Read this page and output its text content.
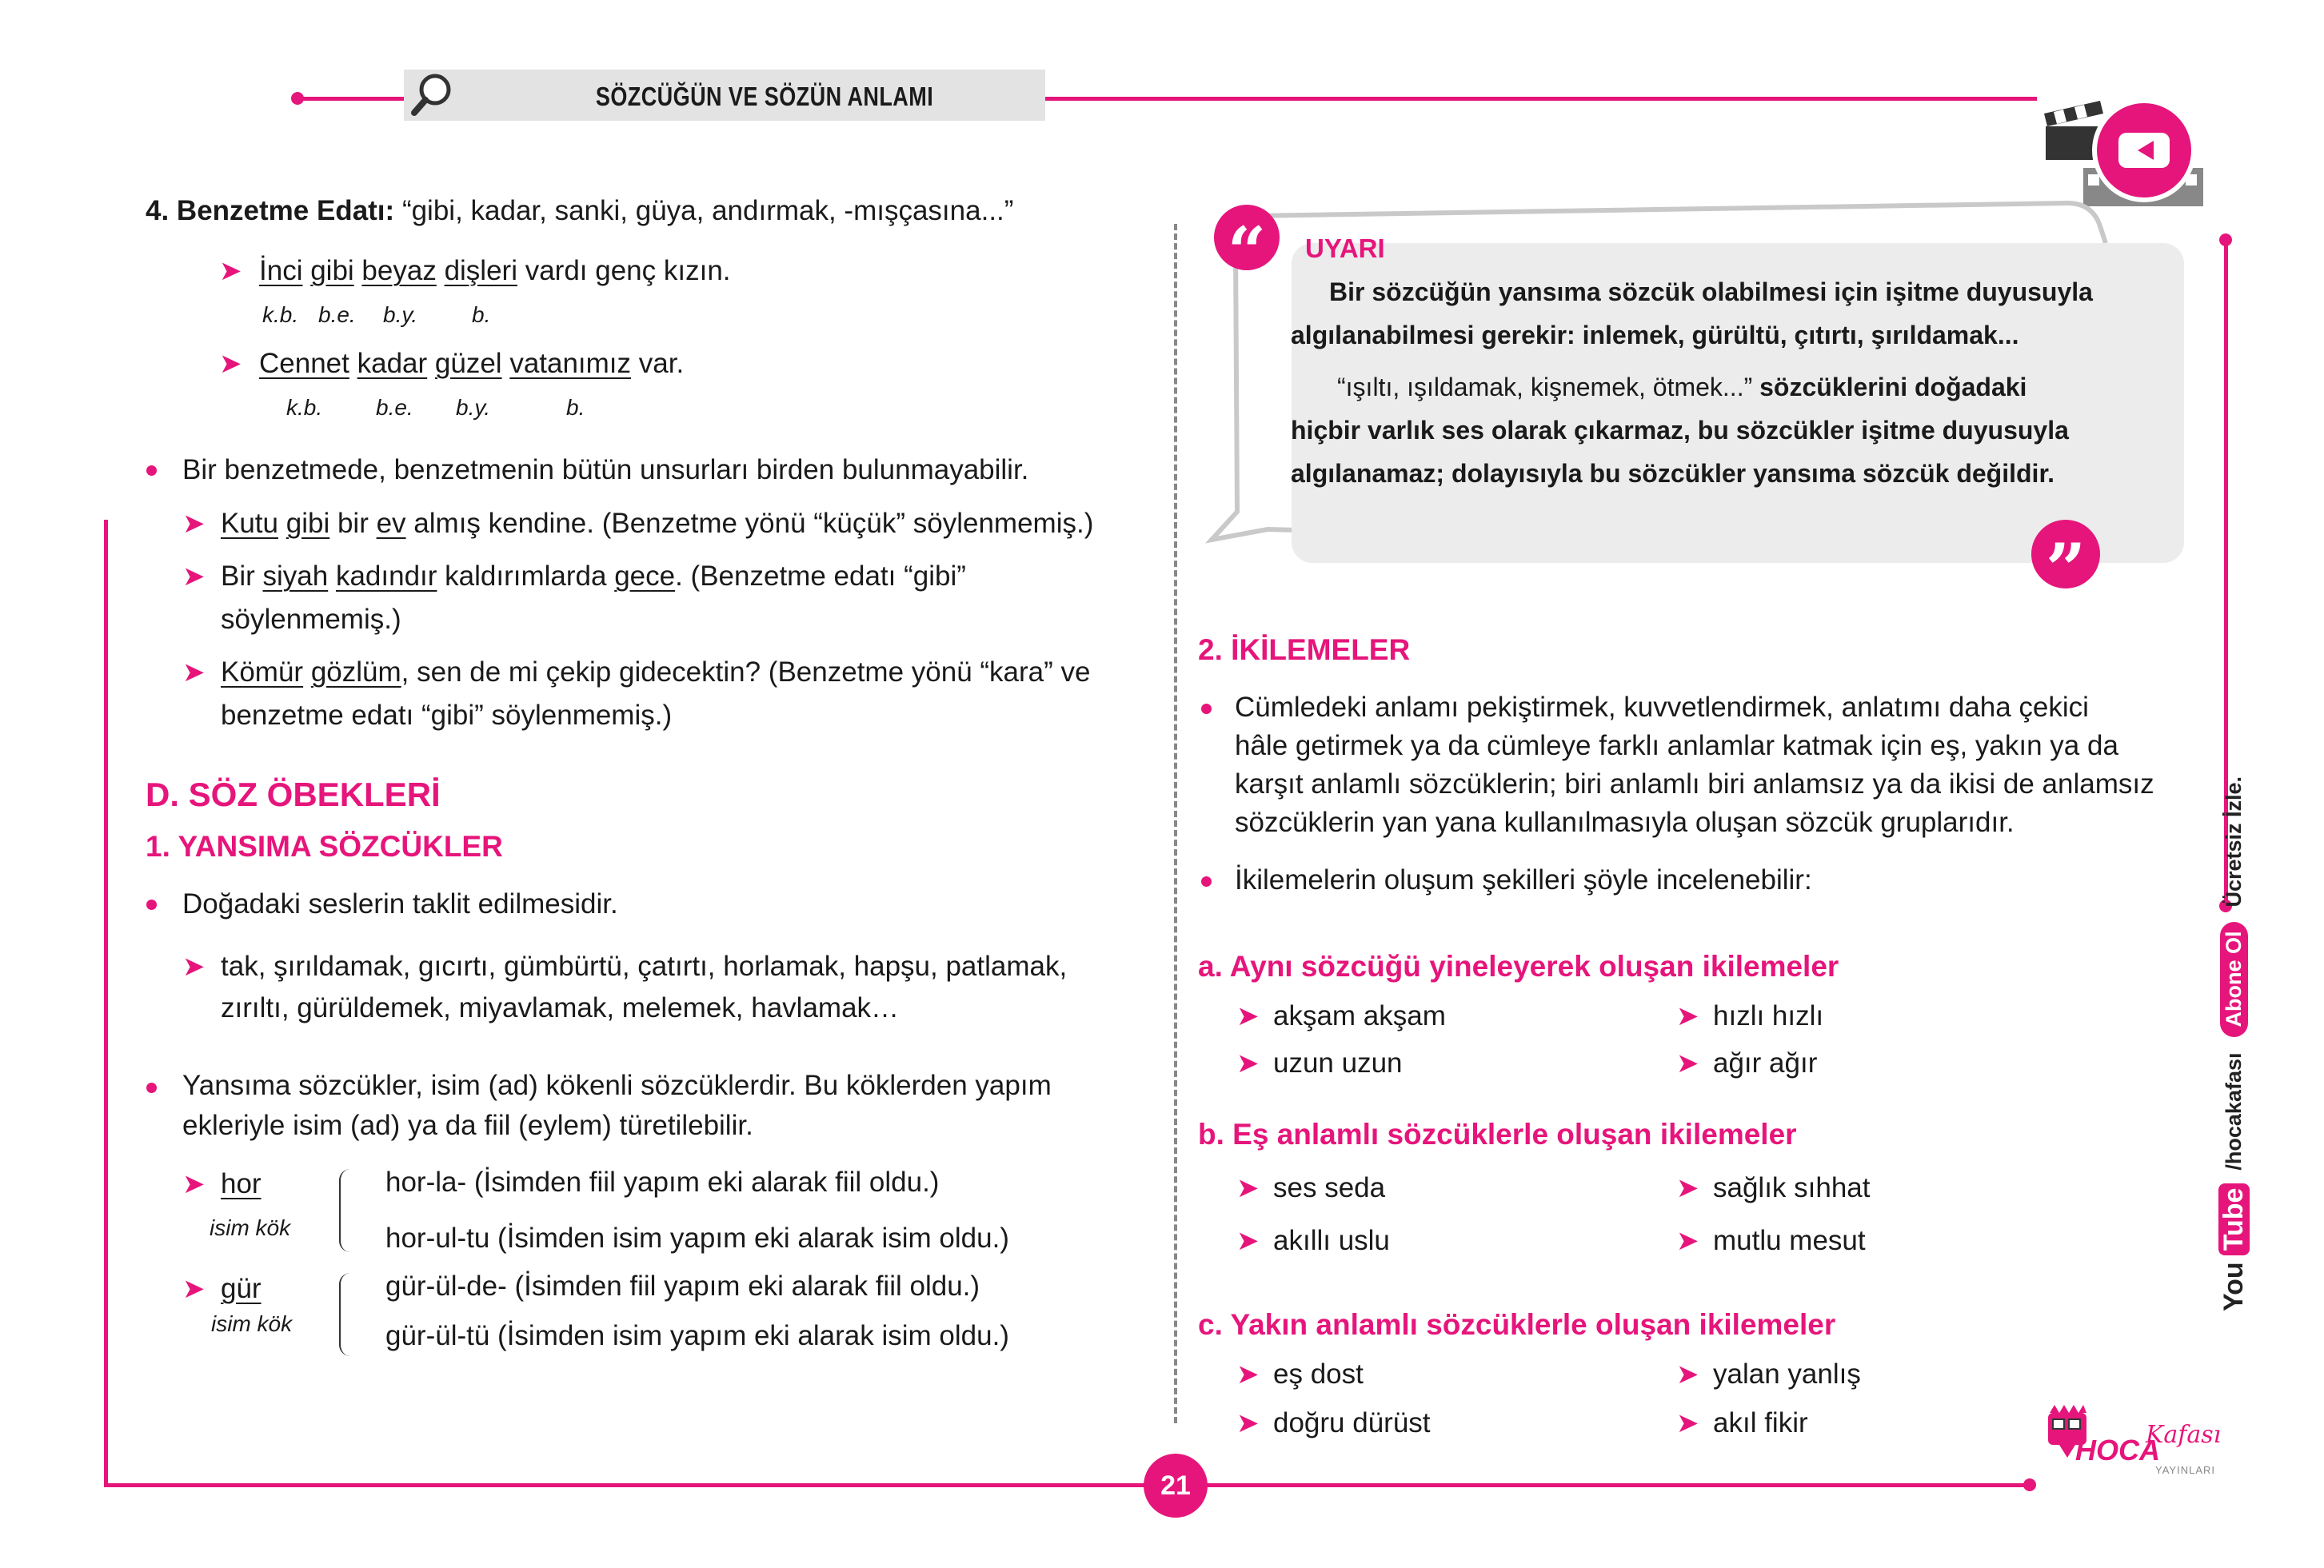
SÖZCÜĞÜN VE SÖZÜN ANLAMI
You
Tube
/hocakafası
Abone Ol
Ücretsiz İzle.
4. Benzetme Edatı: “gibi, kadar, sanki, güya, andırmak, -mışçasına...”
➤ İnci gibi beyaz dişleri vardı genç kızın.
k.b. b.e. b.y. b.
➤ Cennet kadar güzel vatanımız var.
k.b. b.e. b.y.	b.
Bir benzetmede, benzetmenin bütün unsurları birden bulunmayabilir.
➤ Kutu gibi bir ev almış kendine. (Benzetme yönü “küçük” söylenmemiş.)
➤ Bir siyah kadındır kaldırımlarda gece. (Benzetme edatı “gibi”
söylenmemiş.)
➤ Kömür gözlüm, sen de mi çekip gidecektin? (Benzetme yönü “kara” ve
benzetme edatı “gibi” söylenmemiş.)
D. SÖZ ÖBEKLERİ
1. YANSIMA SÖZCÜKLER
Doğadaki seslerin taklit edilmesidir.
➤ tak, şırıldamak, gıcırtı, gümbürtü, çatırtı, horlamak, hapşu, patlamak,
zırıltı, gürüldemek, miyavlamak, melemek, havlamak…
Yansıma sözcükler, isim (ad) kökenli sözcüklerdir. Bu köklerden yapım
ekleriyle isim (ad) ya da fiil (eylem) türetilebilir.
➤ hor
isim kök
hor-la- (İsimden fiil yapım eki alarak fiil oldu.)
hor-ul-tu (İsimden isim yapım eki alarak isim oldu.)
➤ gür
isim kök
gür-ül-de- (İsimden fiil yapım eki alarak fiil oldu.)
gür-ül-tü (İsimden isim yapım eki alarak isim oldu.)
21
“
”
UYARI
Bir sözcüğün yansıma sözcük olabilmesi için işitme duyusuyla
algılanabilmesi gerekir: inlemek, gürültü, çıtırtı, şırıldamak...
“ışıltı, ışıldamak, kişnemek, ötmek...” sözcüklerini doğadaki
hiçbir varlık ses olarak çıkarmaz, bu sözcükler işitme duyusuyla
algılanamaz; dolayısıyla bu sözcükler yansıma sözcük değildir.
2. İKİLEMELER
Cümledeki anlamı pekiştirmek, kuvvetlendirmek, anlatımı daha çekici
hâle getirmek ya da cümleye farklı anlamlar katmak için eş, yakın ya da
karşıt anlamlı sözcüklerin; biri anlamlı biri anlamsız ya da ikisi de anlamsız
sözcüklerin yan yana kullanılmasıyla oluşan sözcük gruplarıdır.
İkilemelerin oluşum şekilleri şöyle incelenebilir:
a. Aynı sözcüğü yineleyerek oluşan ikilemeler
➤ akşam akşam	➤ hızlı hızlı
➤ uzun uzun	➤ ağır ağır
b. Eş anlamlı sözcüklerle oluşan ikilemeler
➤ ses seda	➤ sağlık sıhhat
➤ akıllı uslu	➤ mutlu mesut
c. Yakın anlamlı sözcüklerle oluşan ikilemeler
➤ eş dost	➤ yalan yanlış
➤ doğru dürüst	➤ akıl fikir
HOCA
Kafası
YAYINLARI
